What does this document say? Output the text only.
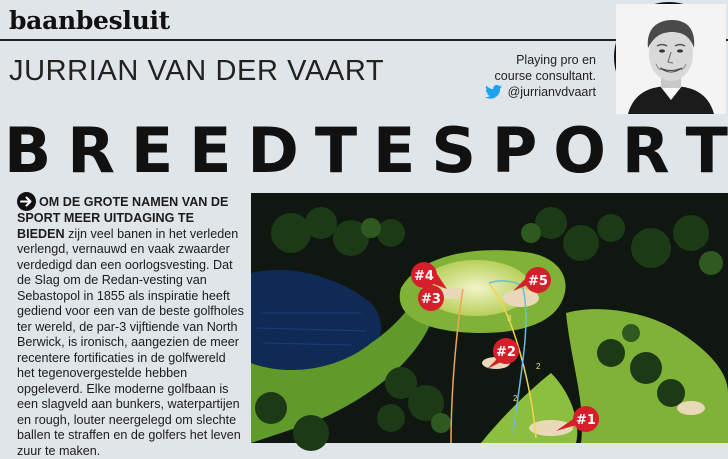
baanbesluit
JURRIAN VAN DER VAART	Playing pro en
course consultant.
@jurrianvdvaart
B R E E D T E S P O R T
OM DE GROTE NAMEN VAN DE SPORT MEER UITDAGING TE BIEDEN zijn veel banen in het verleden verlengd, vernauwd en vaak zwaarder verdedigd dan een oorlogsvesting. Dat de Slag om de Redan-vesting van Sebastopol in 1855 als inspiratie heeft gediend voor een van de beste golfholes ter wereld, de par-3 vijftiende van North Berwick, is ironisch, aangezien de meer recentere fortificaties in de golfwereld het tegenovergestelde hebben opgeleverd. Elke moderne golfbaan is een slagveld aan bunkers, waterpartijen en rough, louter neergelegd om slechte ballen te straffen en de golfers het leven zuur te maken.
3
2
2
1
#4
#3
#5
#2
#1
